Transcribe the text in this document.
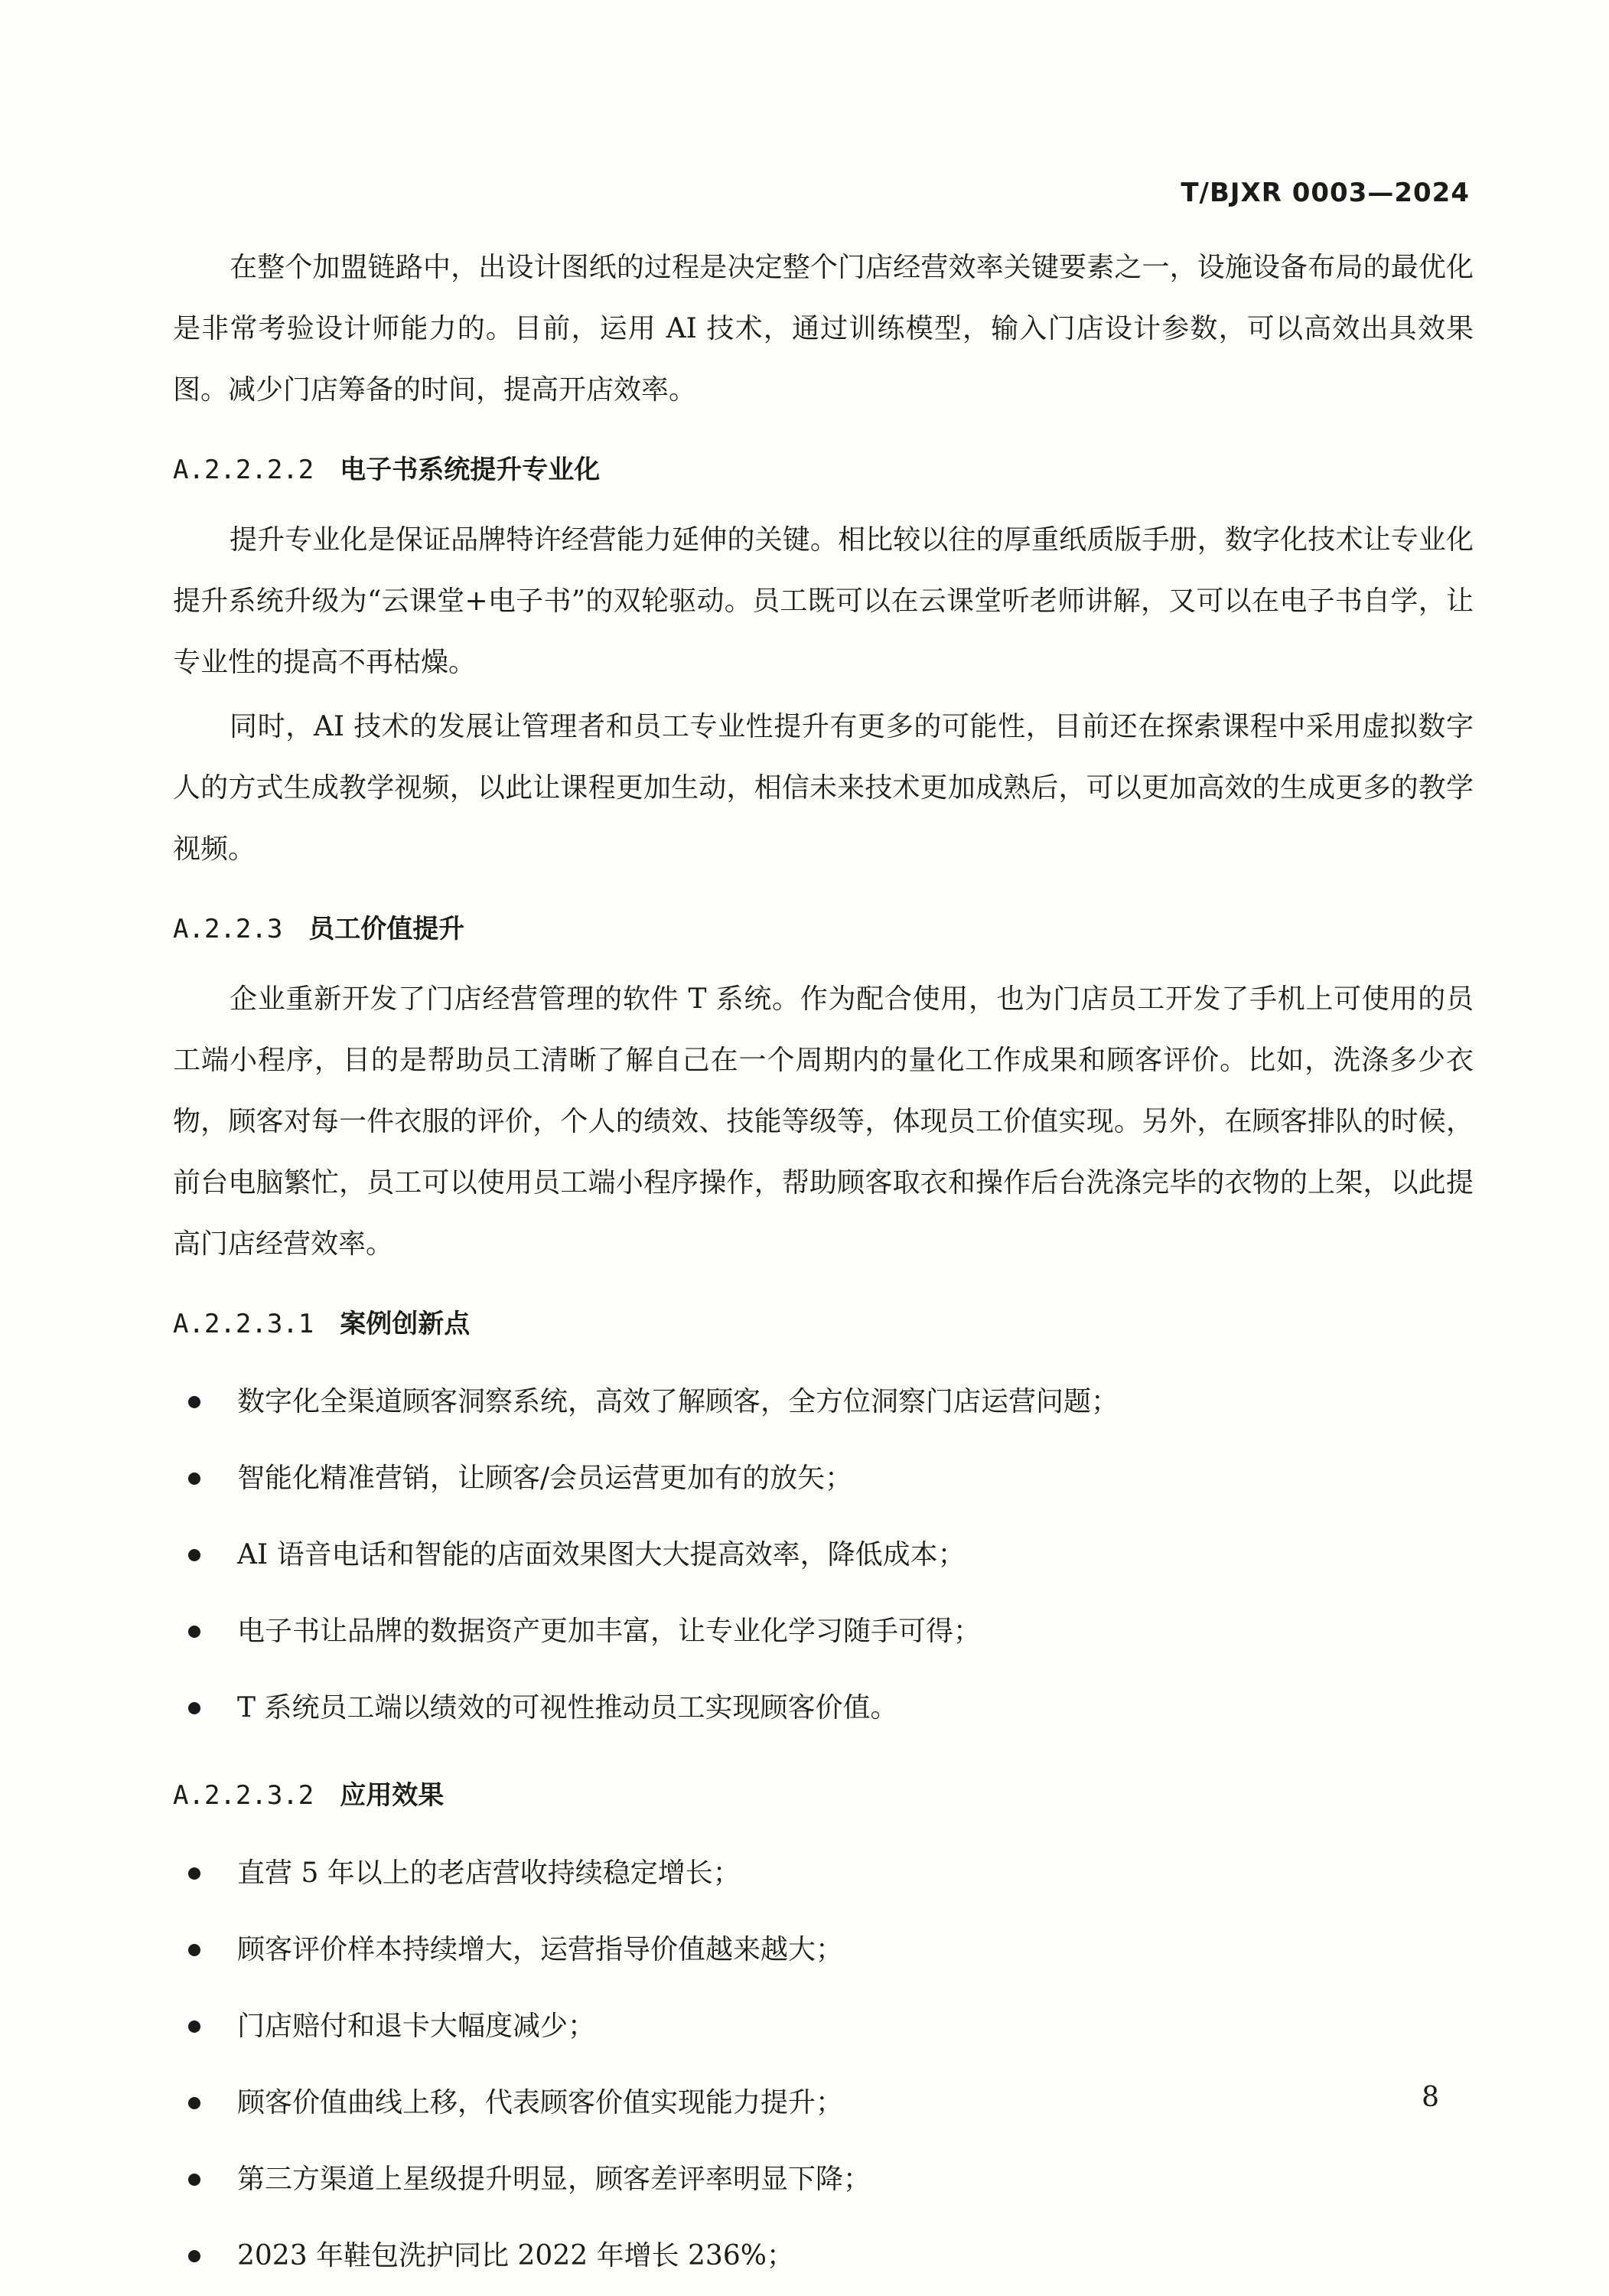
T/BJXR 0003—2024

在整个加盟链路中，出设计图纸的过程是决定整个门店经营效率关键要素之一，设施设备布局的最优化是非常考验设计师能力的。目前，运用 AI 技术，通过训练模型，输入门店设计参数，可以高效出具效果图。减少门店筹备的时间，提高开店效率。

A.2.2.2.2 电子书系统提升专业化

提升专业化是保证品牌特许经营能力延伸的关键。相比较以往的厚重纸质版手册，数字化技术让专业化提升系统升级为“云课堂+电子书”的双轮驱动。员工既可以在云课堂听老师讲解，又可以在电子书自学，让专业性的提高不再枯燥。

同时，AI 技术的发展让管理者和员工专业性提升有更多的可能性，目前还在探索课程中采用虚拟数字人的方式生成教学视频，以此让课程更加生动，相信未来技术更加成熟后，可以更加高效的生成更多的教学视频。

A.2.2.3 员工价值提升

企业重新开发了门店经营管理的软件 T 系统。作为配合使用，也为门店员工开发了手机上可使用的员工端小程序，目的是帮助员工清晰了解自己在一个周期内的量化工作成果和顾客评价。比如，洗涤多少衣物，顾客对每一件衣服的评价，个人的绩效、技能等级等，体现员工价值实现。另外，在顾客排队的时候，前台电脑繁忙，员工可以使用员工端小程序操作，帮助顾客取衣和操作后台洗涤完毕的衣物的上架，以此提高门店经营效率。

A.2.2.3.1 案例创新点
数字化全渠道顾客洞察系统，高效了解顾客，全方位洞察门店运营问题；
智能化精准营销，让顾客/会员运营更加有的放矢；
AI 语音电话和智能的店面效果图大大提高效率，降低成本；
电子书让品牌的数据资产更加丰富，让专业化学习随手可得；
T 系统员工端以绩效的可视性推动员工实现顾客价值。
A.2.2.3.2 应用效果
直营 5 年以上的老店营收持续稳定增长；
顾客评价样本持续增大，运营指导价值越来越大；
门店赔付和退卡大幅度减少；
顾客价值曲线上移，代表顾客价值实现能力提升；
第三方渠道上星级提升明显，顾客差评率明显下降；
2023 年鞋包洗护同比 2022 年增长 236%；
8
